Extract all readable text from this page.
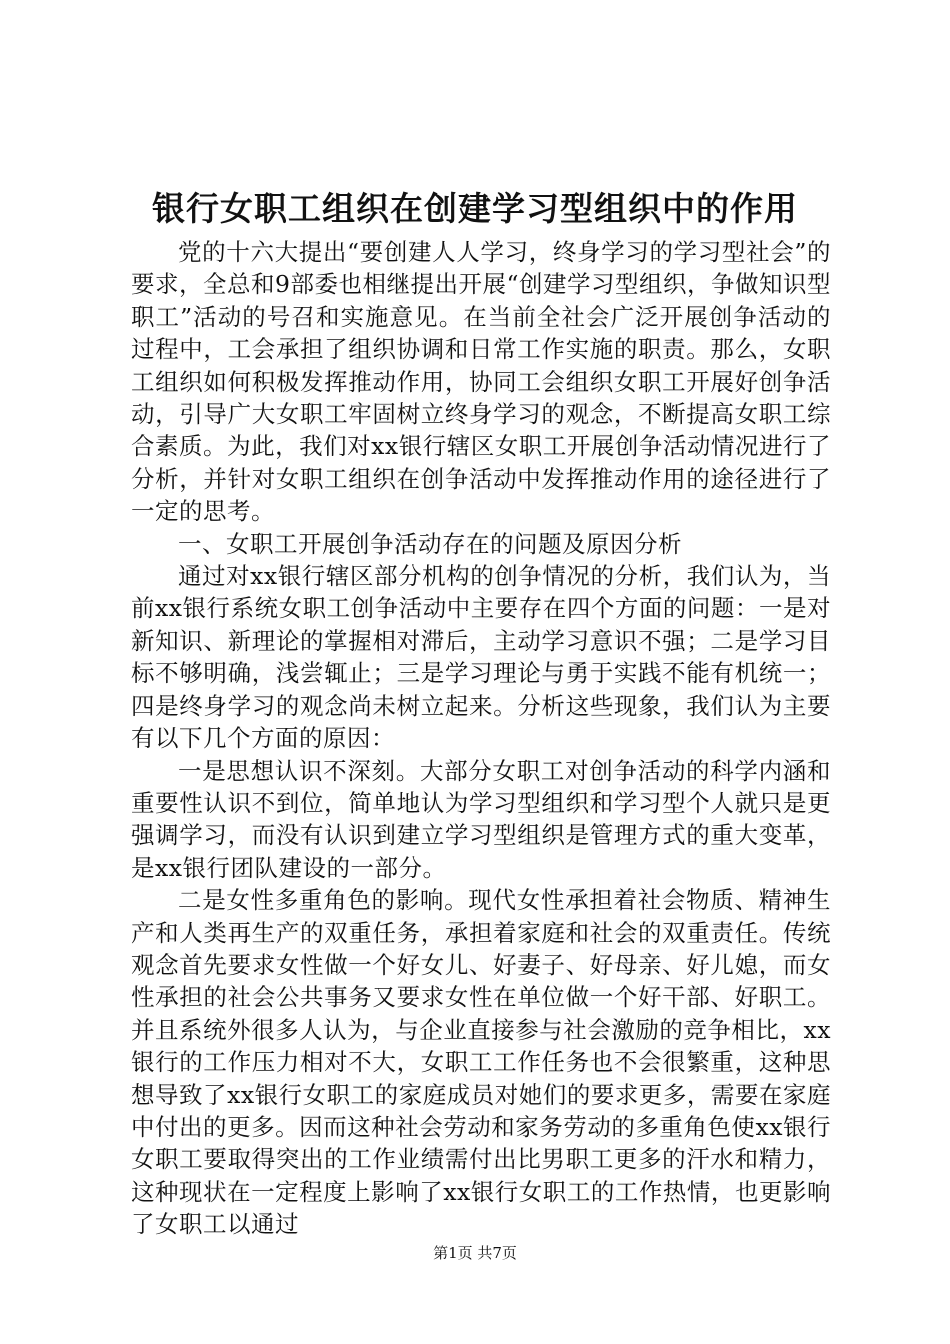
银行女职工组织在创建学习型组织中的作用

党的十六大提出“要创建人人学习，终身学习的学习型社会”的要求，全总和9部委也相继提出开展“创建学习型组织，争做知识型职工”活动的号召和实施意见。在当前全社会广泛开展创争活动的过程中，工会承担了组织协调和日常工作实施的职责。那么，女职工组织如何积极发挥推动作用，协同工会组织女职工开展好创争活动，引导广大女职工牢固树立终身学习的观念，不断提高女职工综合素质。为此，我们对xx银行辖区女职工开展创争活动情况进行了分析，并针对女职工组织在创争活动中发挥推动作用的途径进行了一定的思考。

一、女职工开展创争活动存在的问题及原因分析

通过对xx银行辖区部分机构的创争情况的分析，我们认为，当前xx银行系统女职工创争活动中主要存在四个方面的问题：一是对新知识、新理论的掌握相对滞后，主动学习意识不强；二是学习目标不够明确，浅尝辄止；三是学习理论与勇于实践不能有机统一；四是终身学习的观念尚未树立起来。分析这些现象，我们认为主要有以下几个方面的原因：

一是思想认识不深刻。大部分女职工对创争活动的科学内涵和重要性认识不到位，简单地认为学习型组织和学习型个人就只是更强调学习，而没有认识到建立学习型组织是管理方式的重大变革，是xx银行团队建设的一部分。

二是女性多重角色的影响。现代女性承担着社会物质、精神生产和人类再生产的双重任务，承担着家庭和社会的双重责任。传统观念首先要求女性做一个好女儿、好妻子、好母亲、好儿媳，而女性承担的社会公共事务又要求女性在单位做一个好干部、好职工。并且系统外很多人认为，与企业直接参与社会激励的竞争相比，xx银行的工作压力相对不大，女职工工作任务也不会很繁重，这种思想导致了xx银行女职工的家庭成员对她们的要求更多，需要在家庭中付出的更多。因而这种社会劳动和家务劳动的多重角色使xx银行女职工要取得突出的工作业绩需付出比男职工更多的汗水和精力，这种现状在一定程度上影响了xx银行女职工的工作热情，也更影响了女职工以通过

第1页 共7页
